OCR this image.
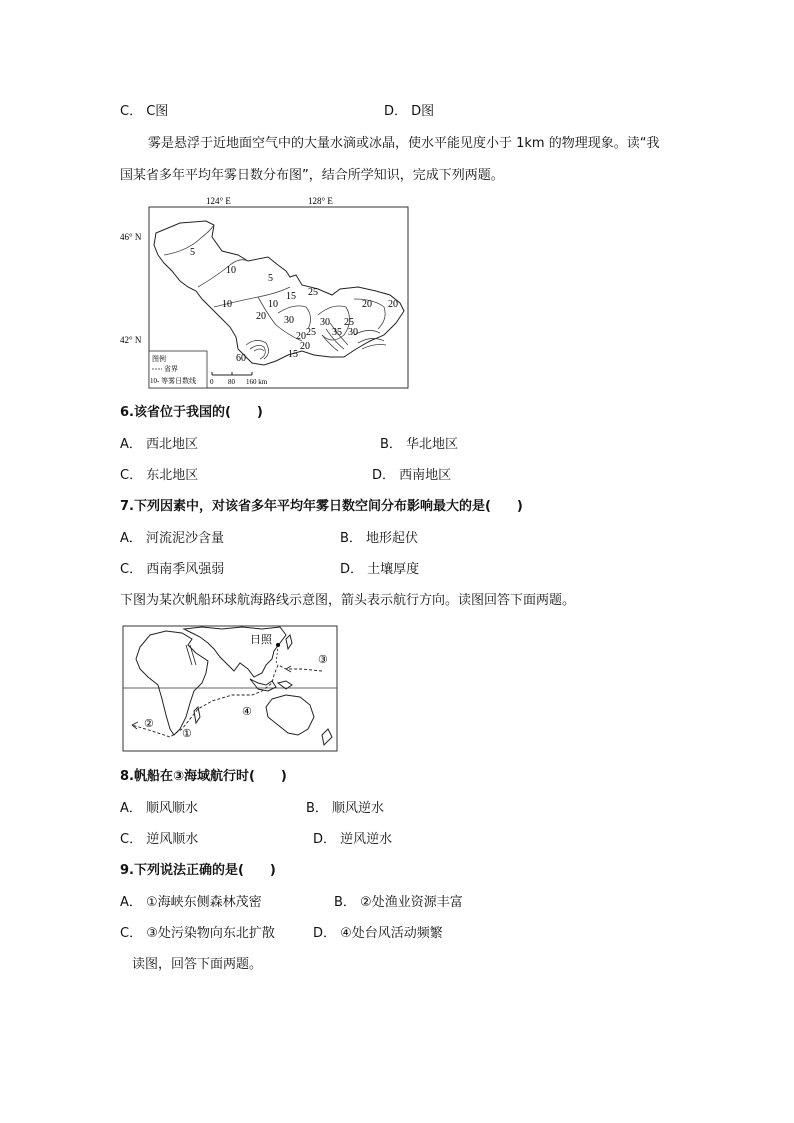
C． C图	D． D图
雾是悬浮于近地面空气中的大量水滴或冰晶，使水平能见度小于 1km 的物理现象。读“我
国某省多年平均年雾日数分布图”，结合所学知识，完成下列两题。
124° E	128° E
46° N
42° N
5
10
5
10	10
15
20
25
30
20
30
25
25
30
35
20
20
20
15
60
图例
省界
10- 等雾日数线 0 80 160 km
6.该省位于我国的(　　)
A． 西北地区	B． 华北地区
C． 东北地区	D． 西南地区
7.下列因素中，对该省多年平均年雾日数空间分布影响最大的是(　　)
A． 河流泥沙含量	B． 地形起伏
C． 西南季风强弱	D． 土壤厚度
下图为某次帆船环球航海路线示意图，箭头表示航行方向。读图回答下面两题。
日照
①
②
③
④
8.帆船在③海域航行时(　　)
A． 顺风顺水	B． 顺风逆水
C． 逆风顺水	D． 逆风逆水
9.下列说法正确的是(　　)
A． ①海峡东侧森林茂密	B． ②处渔业资源丰富
C． ③处污染物向东北扩散	D． ④处台风活动频繁
读图，回答下面两题。
